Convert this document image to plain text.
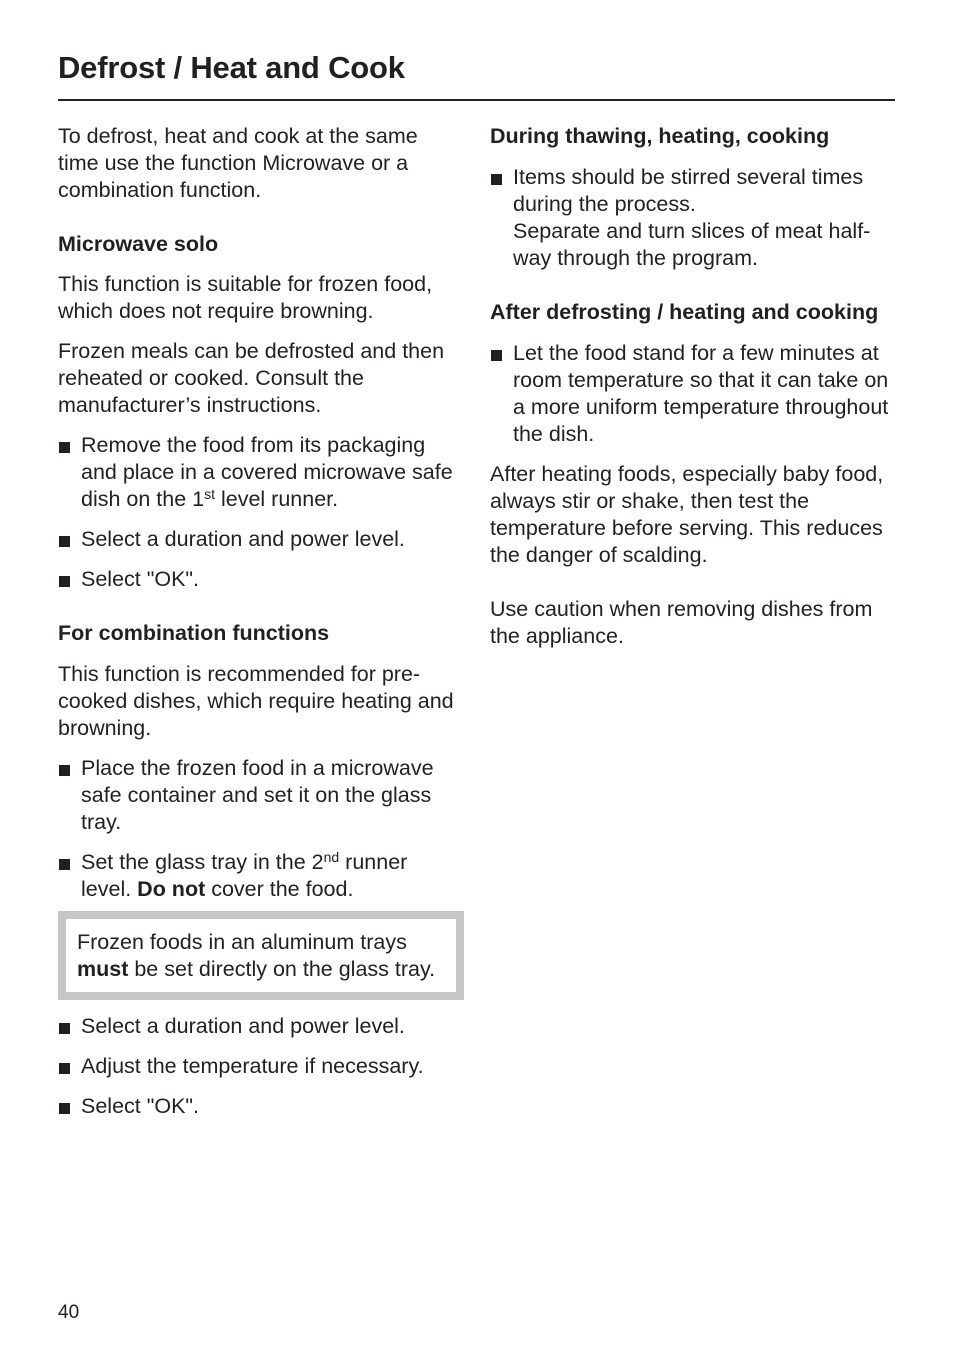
Defrost / Heat and Cook

To defrost, heat and cook at the same time use the function Microwave or a combination function.

Microwave solo

This function is suitable for frozen food, which does not require browning.

Frozen meals can be defrosted and then reheated or cooked. Consult the manufacturer’s instructions.

Remove the food from its packaging and place in a covered microwave safe dish on the 1st level runner.
Select a duration and power level.
Select "OK".
For combination functions

This function is recommended for pre-cooked dishes, which require heating and browning.

Place the frozen food in a microwave safe container and set it on the glass tray.
Set the glass tray in the 2nd runner level. Do not cover the food.
Frozen foods in an aluminum trays must be set directly on the glass tray.
Select a duration and power level.
Adjust the temperature if necessary.
Select "OK".
During thawing, heating, cooking
Items should be stirred several times during the process.
Separate and turn slices of meat half-way through the program.
After defrosting / heating and cooking
Let the food stand for a few minutes at room temperature so that it can take on a more uniform temperature throughout the dish.

After heating foods, especially baby food, always stir or shake, then test the temperature before serving. This reduces the danger of scalding.

Use caution when removing dishes from the appliance.

40
